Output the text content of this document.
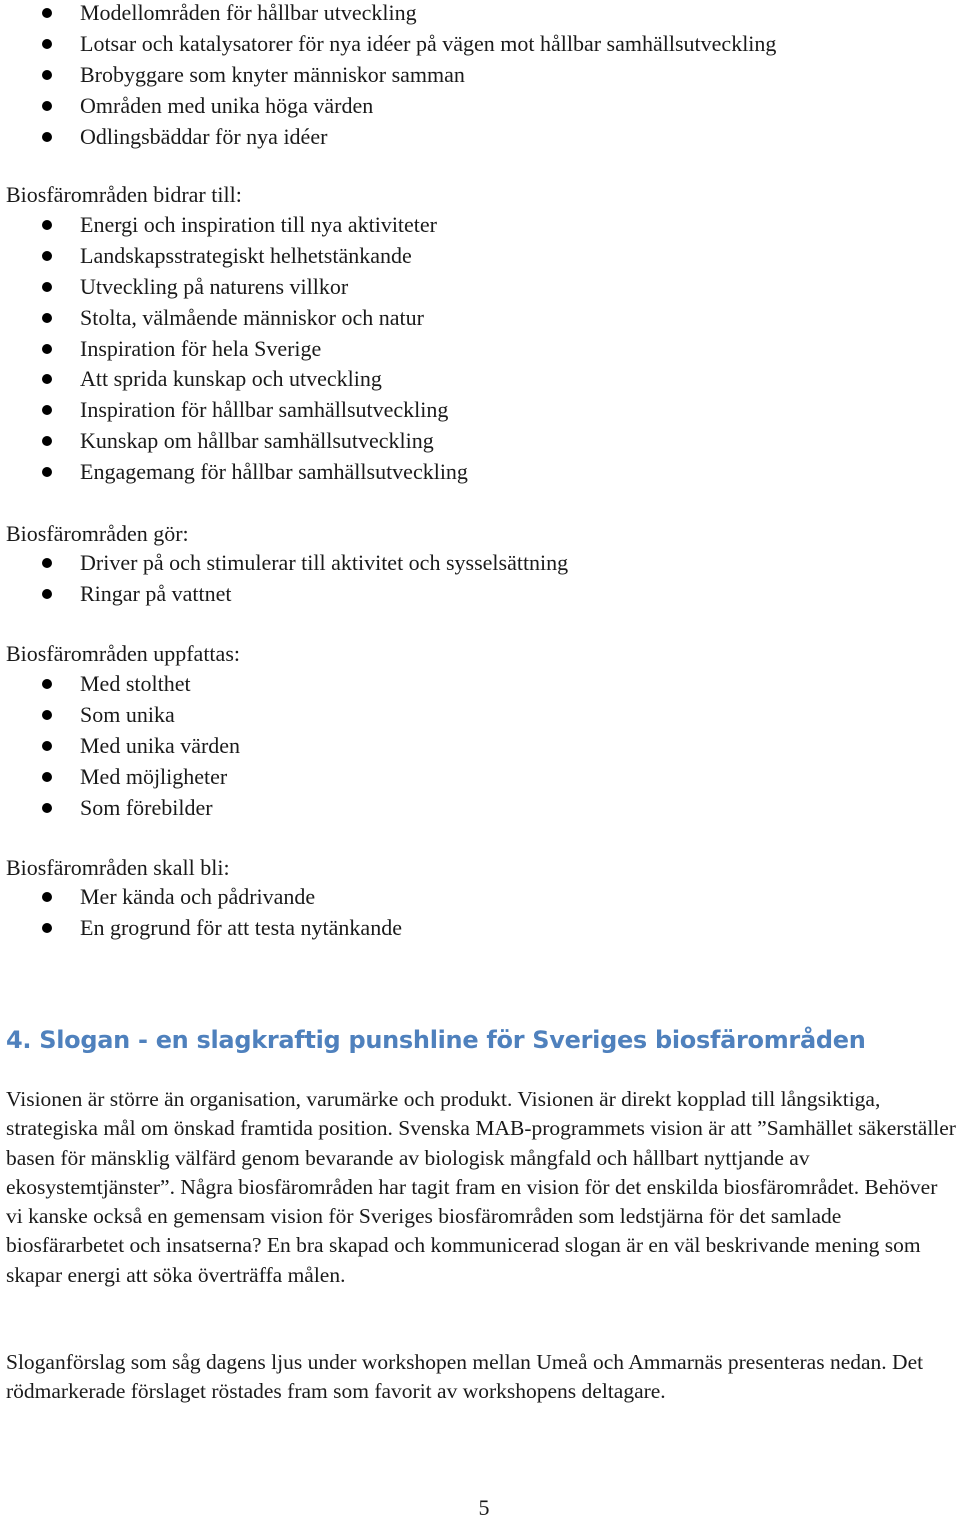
Modellområden för hållbar utveckling
Lotsar och katalysatorer för nya idéer på vägen mot hållbar samhällsutveckling
Brobyggare som knyter människor samman
Områden med unika höga värden
Odlingsbäddar för nya idéer
Biosfärområden bidrar till:
Energi och inspiration till nya aktiviteter
Landskapsstrategiskt helhetstänkande
Utveckling på naturens villkor
Stolta, välmående människor och natur
Inspiration för hela Sverige
Att sprida kunskap och utveckling
Inspiration för hållbar samhällsutveckling
Kunskap om hållbar samhällsutveckling
Engagemang för hållbar samhällsutveckling
Biosfärområden gör:
Driver på och stimulerar till aktivitet och sysselsättning
Ringar på vattnet
Biosfärområden uppfattas:
Med stolthet
Som unika
Med unika värden
Med möjligheter
Som förebilder
Biosfärområden skall bli:
Mer kända och pådrivande
En grogrund för att testa nytänkande
4. Slogan - en slagkraftig punshline för Sveriges biosfärområden

Visionen är större än organisation, varumärke och produkt. Visionen är direkt kopplad till långsiktiga, strategiska mål om önskad framtida position. Svenska MAB-programmets vision är att ”Samhället säkerställer basen för mänsklig välfärd genom bevarande av biologisk mångfald och hållbart nyttjande av ekosystemtjänster”. Några biosfärområden har tagit fram en vision för det enskilda biosfärområdet. Behöver vi kanske också en gemensam vision för Sveriges biosfärområden som ledstjärna för det samlade biosfärarbetet och insatserna? En bra skapad och kommunicerad slogan är en väl beskrivande mening som skapar energi att söka överträffa målen.

Sloganförslag som såg dagens ljus under workshopen mellan Umeå och Ammarnäs presenteras nedan. Det rödmarkerade förslaget röstades fram som favorit av workshopens deltagare.

5
